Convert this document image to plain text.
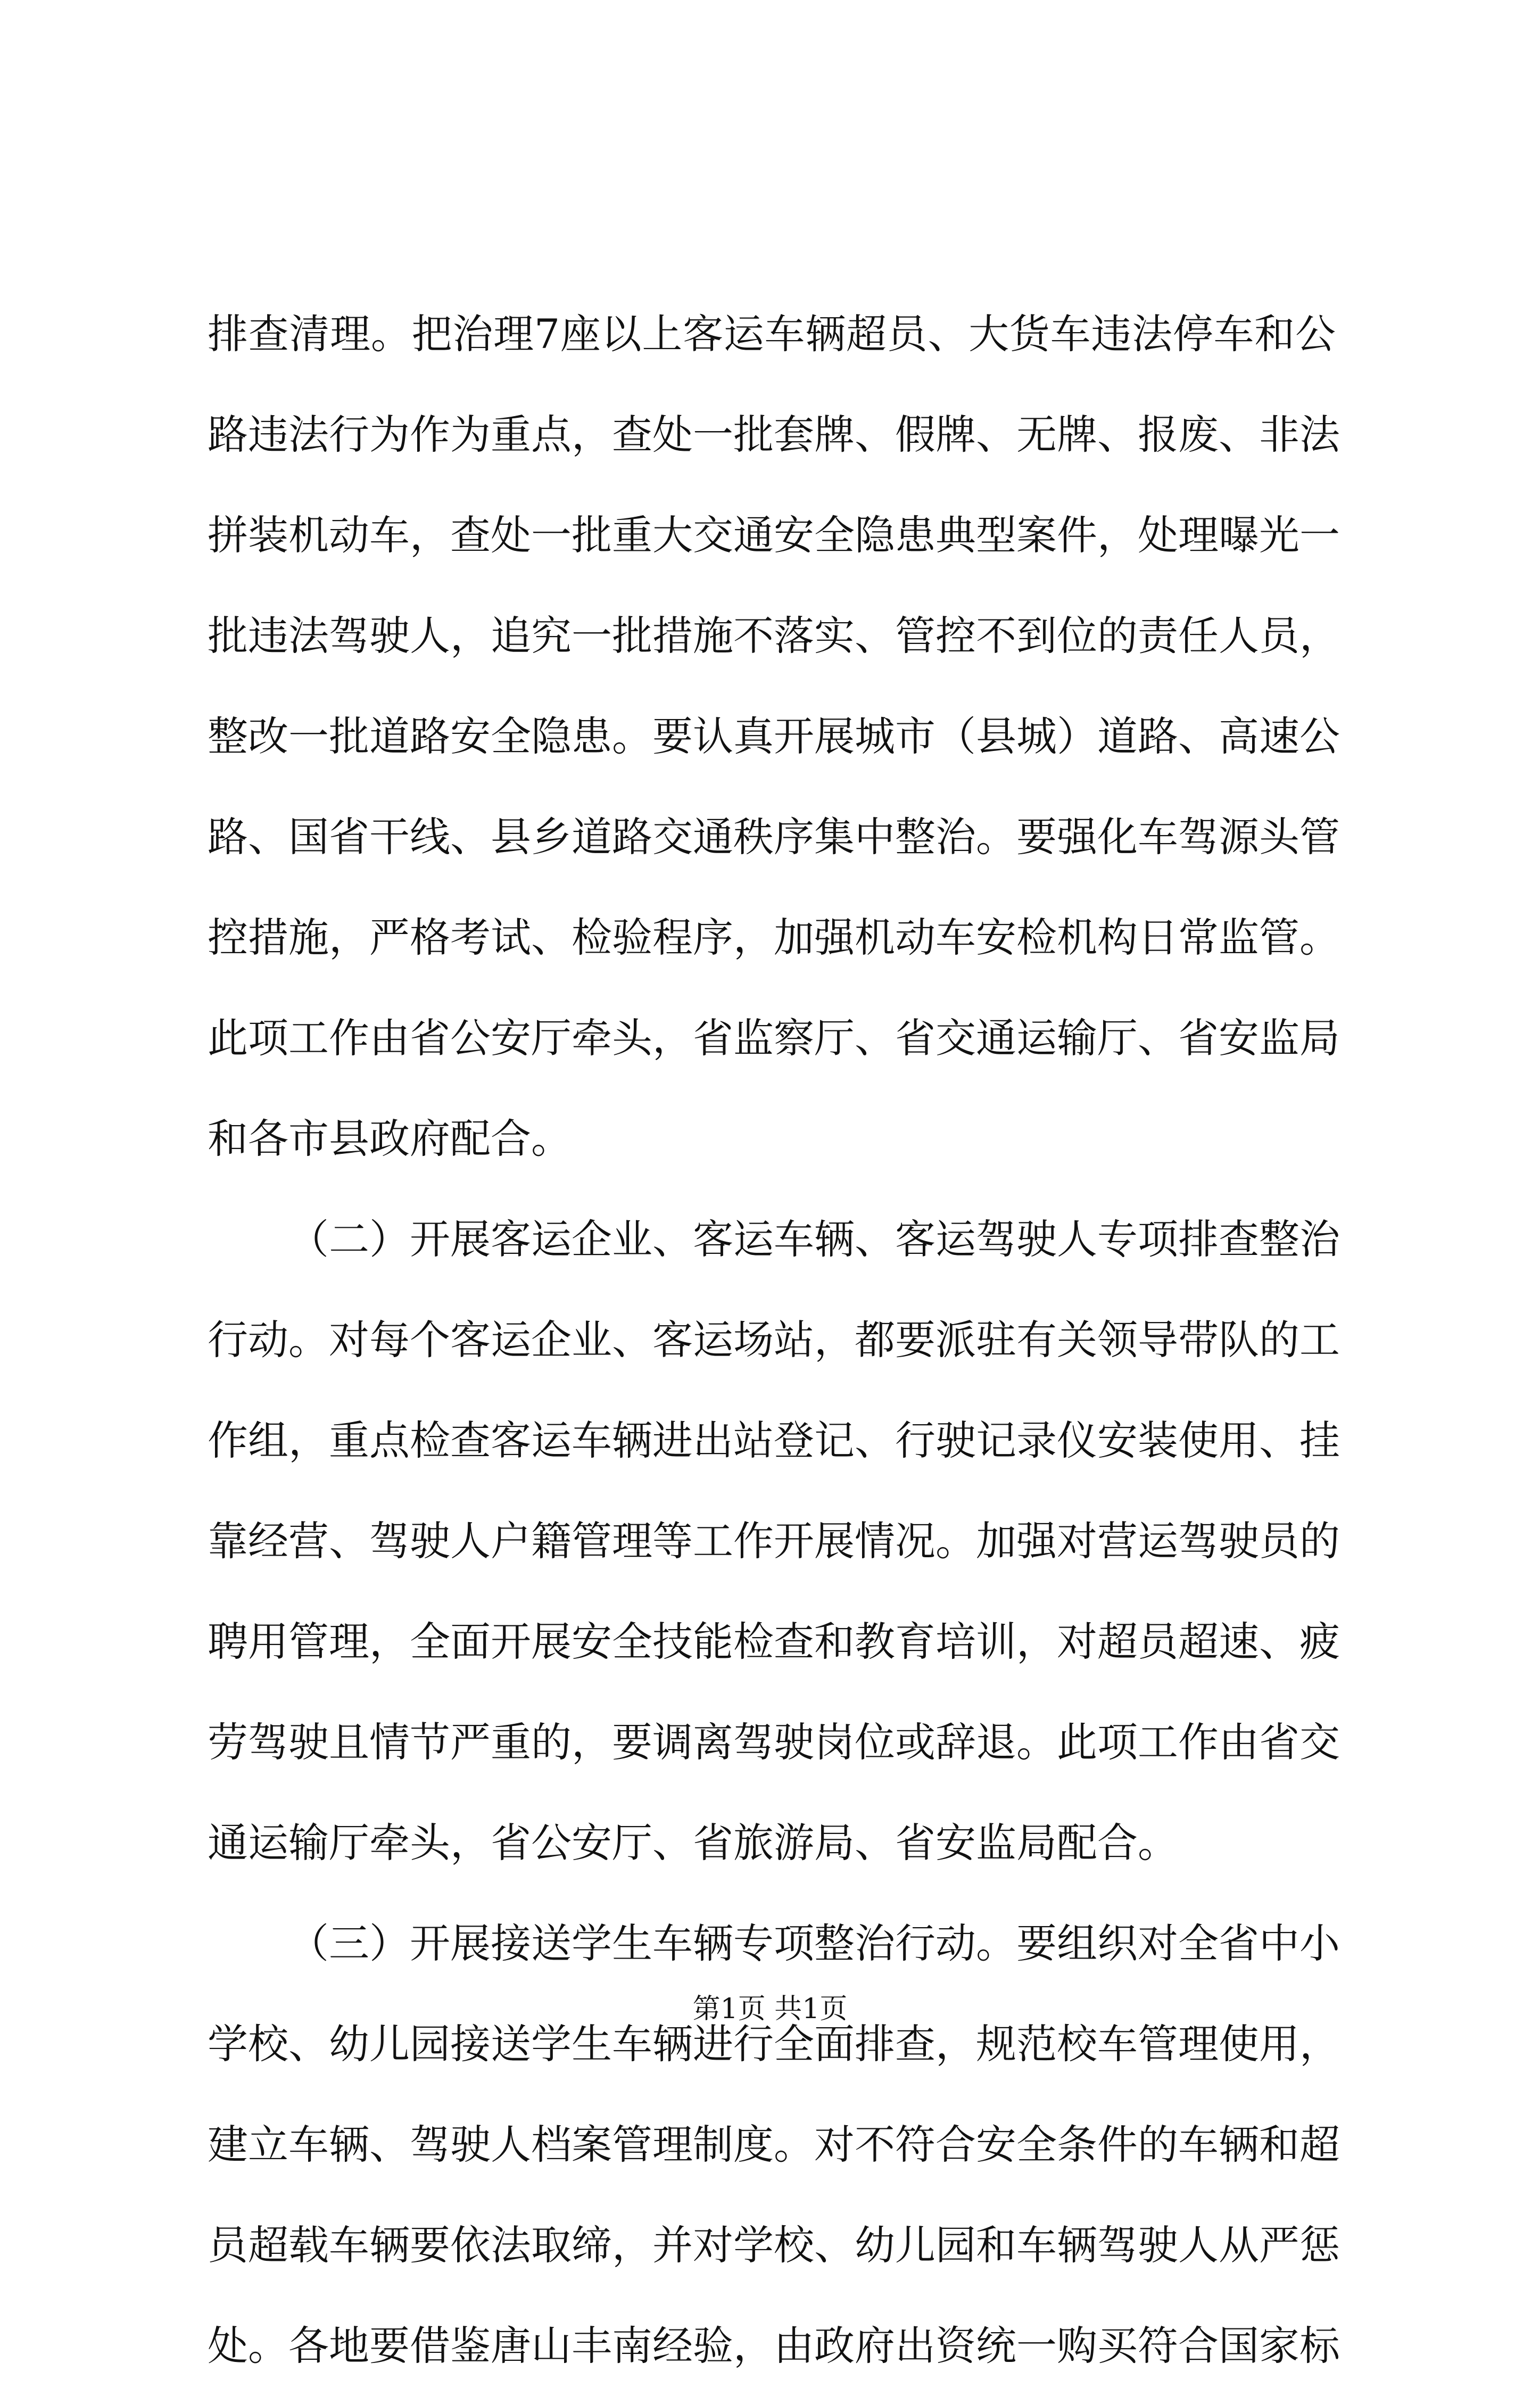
排查清理。把治理7座以上客运车辆超员、大货车违法停车和公
路违法行为作为重点，查处一批套牌、假牌、无牌、报废、非法
拼装机动车，查处一批重大交通安全隐患典型案件，处理曝光一
批违法驾驶人，追究一批措施不落实、管控不到位的责任人员，
整改一批道路安全隐患。要认真开展城市（县城）道路、高速公
路、国省干线、县乡道路交通秩序集中整治。要强化车驾源头管
控措施，严格考试、检验程序，加强机动车安检机构日常监管。
此项工作由省公安厅牵头，省监察厅、省交通运输厅、省安监局
和各市县政府配合。
（二）开展客运企业、客运车辆、客运驾驶人专项排查整治
行动。对每个客运企业、客运场站，都要派驻有关领导带队的工
作组，重点检查客运车辆进出站登记、行驶记录仪安装使用、挂
靠经营、驾驶人户籍管理等工作开展情况。加强对营运驾驶员的
聘用管理，全面开展安全技能检查和教育培训，对超员超速、疲
劳驾驶且情节严重的，要调离驾驶岗位或辞退。此项工作由省交
通运输厅牵头，省公安厅、省旅游局、省安监局配合。
（三）开展接送学生车辆专项整治行动。要组织对全省中小
学校、幼儿园接送学生车辆进行全面排查，规范校车管理使用，
建立车辆、驾驶人档案管理制度。对不符合安全条件的车辆和超
员超载车辆要依法取缔，并对学校、幼儿园和车辆驾驶人从严惩
处。各地要借鉴唐山丰南经验，由政府出资统一购买符合国家标
第1页 共1页
